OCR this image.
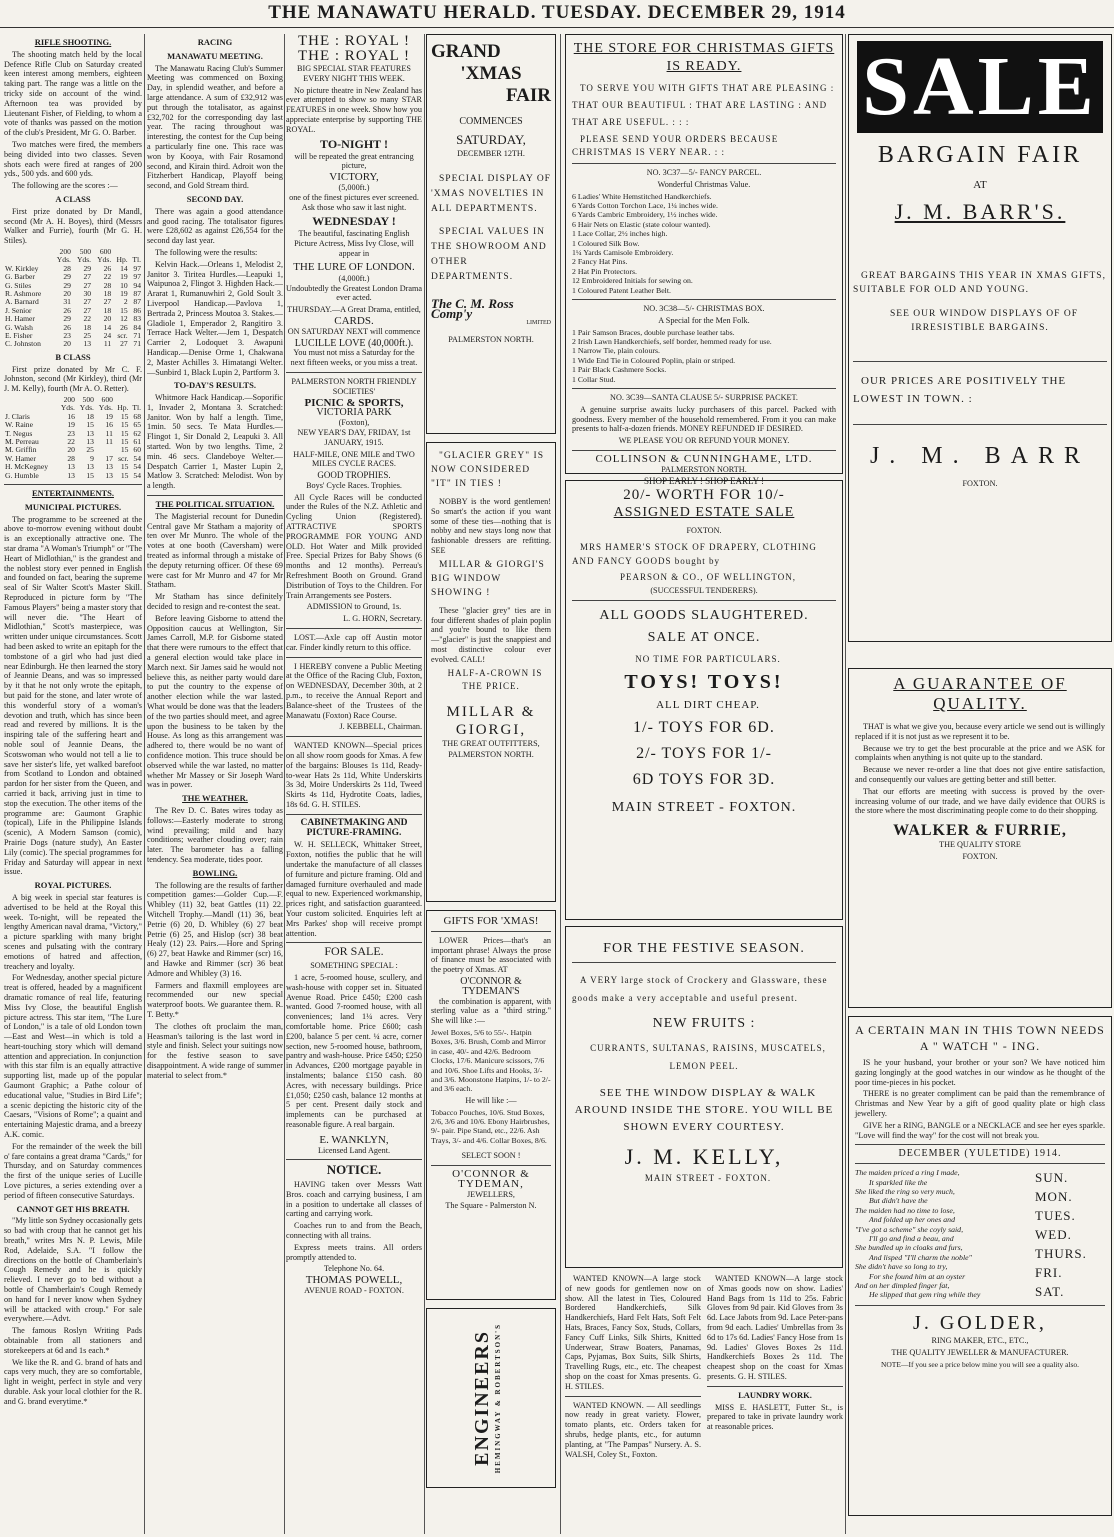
THE MANAWATU HERALD. TUESDAY. DECEMBER 29, 1914
RIFLE SHOOTING.

The shooting match held by the local Defence Rifle Club on Saturday created keen interest among members, eighteen taking part. The range was a little on the tricky side on account of the wind. Afternoon tea was provided by Lieutenant Fisher, of Fielding, to whom a vote of thanks was passed on the motion of the club's President, Mr G. O. Barber.

Two matches were fired, the members being divided into two classes. Seven shots each were fired at ranges of 200 yds., 500 yds. and 600 yds.

The following are the scores :—

A CLASS

First prize donated by Dr Mandl, second (Mr A. H. Boyes), third (Messrs Walker and Furrie), fourth (Mr G. H. Stiles).

	200	500	600		
	Yds.	Yds.	Yds.	Hp.	Tl.
W. Kirkley	28	29	26	14	97
G. Barber	29	27	22	19	97
G. Stiles	29	27	28	10	94
R. Ashmore	20	30	18	19	87
A. Barnard	31	27	27	2	87
J. Senior	26	27	18	15	86
H. Hamer	29	22	20	12	83
G. Walsh	26	18	14	26	84
E. Fisher	23	25	24	scr.	71
C. Johnston	20	13	11	27	71
B CLASS

First prize donated by Mr C. F. Johnston, second (Mr Kirkley), third (Mr J. M. Kelly), fourth (Mr A. O. Retter).

	200	500	600		
	Yds.	Yds.	Yds.	Hp.	Tl.
J. Claris	16	18	19	15	68
W. Raine	19	15	16	15	65
T. Negus	23	13	11	15	62
M. Perreau	22	13	11	15	61
M. Griffin	20	25		15	60
W. Hamer	28	9	17	scr.	54
H. McKegney	13	13	13	15	54
G. Humble	13	15	13	15	54
ENTERTAINMENTS.
MUNICIPAL PICTURES.

The programme to be screened at the above to-morrow evening without doubt is an exceptionally attractive one. The star drama "A Woman's Triumph" or "The Heart of Midlothian," is the grandest and the noblest story ever penned in English and founded on fact, bearing the supreme seal of Sir Walter Scott's Master Skill. Reproduced in picture form by "The Famous Players" being a master story that will never die. "The Heart of Midlothian," Scott's masterpiece, was written under unique circumstances. Scott had been asked to write an epitaph for the tombstone of a girl who had just died near Edinburgh. He then learned the story of Jeannie Deans, and was so impressed by it that he not only wrote the epitaph, but paid for the stone, and later wrote of this wonderful story of a woman's devotion and truth, which has since been read and revered by millions. It is the inspiring tale of the suffering heart and noble soul of Jeannie Deans, the Scotswoman who would not tell a lie to save her sister's life, yet walked barefoot from Scotland to London and obtained pardon for her sister from the Queen, and carried it back, arriving just in time to stop the execution. The other items of the programme are: Gaumont Graphic (topical), Life in the Philippine Islands (scenic), A Modern Samson (comic), Prairie Dogs (nature study), An Easter Lily (comic). The special programmes for Friday and Saturday will appear in next issue.

ROYAL PICTURES.

A big week in special star features is advertised to be held at the Royal this week. To-night, will be repeated the lengthy American naval drama, "Victory," a picture sparkling with many bright scenes and pulsating with the contrary emotions of hatred and affection, treachery and loyalty.

For Wednesday, another special picture treat is offered, headed by a magnificent dramatic romance of real life, featuring Miss Ivy Close, the beautiful English picture actress. This star item, "The Lure of London," is a tale of old London town—East and West—in which is told a heart-touching story which will demand attention and appreciation. In conjunction with this star film is an equally attractive supporting list, made up of the popular Gaumont Graphic; a Pathe colour of educational value, "Studies in Bird Life"; a scenic depicting the historic city of the Caesars, "Visions of Rome"; a quaint and entertaining Majestic drama, and a breezy A.K. comic.

For the remainder of the week the bill o' fare contains a great drama "Cards," for Thursday, and on Saturday commences the first of the unique series of Lucille Love pictures, a series extending over a period of fifteen consecutive Saturdays.

CANNOT GET HIS BREATH.

"My little son Sydney occasionally gets so bad with croup that he cannot get his breath," writes Mrs N. P. Lewis, Mile Rod, Adelaide, S.A. "I follow the directions on the bottle of Chamberlain's Cough Remedy and he is quickly relieved. I never go to bed without a bottle of Chamberlain's Cough Remedy on hand for I never know when Sydney will be attacked with croup." For sale everywhere.—Advt.

The famous Roslyn Writing Pads obtainable from all stationers and storekeepers at 6d and 1s each.*

We like the R. and G. brand of hats and caps very much, they are so comfortable, light in weight, perfect in style and very durable. Ask your local clothier for the R. and G. brand everytime.*

RACING
MANAWATU MEETING.

The Manawatu Racing Club's Summer Meeting was commenced on Boxing Day, in splendid weather, and before a large attendance. A sum of £32,912 was put through the totalisator, as against £32,702 for the corresponding day last year. The racing throughout was interesting, the contest for the Cup being a particularly fine one. This race was won by Kooya, with Fair Rosamond second, and Kirain third. Adroit won the Fitzherbert Handicap, Playoff being second, and Gold Stream third.

SECOND DAY.

There was again a good attendance and good racing. The totalisator figures were £28,602 as against £26,554 for the second day last year.

The following were the results:

Kelvin Hack.—Orleans 1, Melodist 2, Janitor 3. Tiritea Hurdles.—Leapuki 1, Waipunoa 2, Flingot 3. Highden Hack.—Ararat 1, Rumanuwhiri 2, Gold Soult 3. Liverpool Handicap.—Pavlova 1, Bertrada 2, Princess Moutoa 3. Stakes.—Gladiole 1, Emperador 2, Rangitiro 3. Terrace Hack Welter.—Jem 1, Despatch Carrier 2, Lodoquet 3. Awapuni Handicap.—Denise Orme 1, Chakwana 2, Master Achilles 3. Himatangi Welter.—Sunbird 1, Black Lupin 2, Partform 3.

TO-DAY'S RESULTS.

Whitmore Hack Handicap.—Soporific 1, Invader 2, Montana 3. Scratched: Janitor. Won by half a length. Time, 1min. 50 secs. Te Mata Hurdles.—Flingot 1, Sir Donald 2, Leapuki 3. All started. Won by two lengths. Time, 2 min. 46 secs. Clandeboye Welter.—Despatch Carrier 1, Master Lupin 2, Matlow 3. Scratched: Melodist. Won by a length.

THE POLITICAL SITUATION.

The Magisterial recount for Dunedin Central gave Mr Statham a majority of ten over Mr Munro. The whole of the votes at one booth (Caversham) were treated as informal through a mistake of the deputy returning officer. Of these 69 were cast for Mr Munro and 47 for Mr Statham.

Mr Statham has since definitely decided to resign and re-contest the seat.

Before leaving Gisborne to attend the Opposition caucus at Wellington, Sir James Carroll, M.P. for Gisborne stated that there were rumours to the effect that a general election would take place in March next. Sir James said he would not believe this, as neither party would dare to put the country to the expense of another election while the war lasted. What would be done was that the leaders of the two parties should meet, and agree upon the business to be taken by the House. As long as this arrangement was adhered to, there would be no want of confidence motion. This truce should be observed while the war lasted, no matter whether Mr Massey or Sir Joseph Ward was in power.

THE WEATHER.

The Rev D. C. Bates wires today as follows:—Easterly moderate to strong wind prevailing; mild and hazy conditions; weather clouding over; rain later. The barometer has a falling tendency. Sea moderate, tides poor.

BOWLING.

The following are the results of farther competition games:—Golder Cup.—F. Whibley (11) 32, beat Gattles (11) 22. Witchell Trophy.—Mandl (11) 36, beat Petrie (6) 20, D. Whibley (6) 27 beat Petrie (6) 25, and Hislop (scr) 38 beat Healy (12) 23. Pairs.—Hore and Spring (6) 27, beat Hawke and Rimmer (scr) 16, and Hawke and Rimmer (scr) 36 beat Admore and Whibley (3) 16.

Farmers and flaxmill employees are recommended our new special waterproof boots. We guarantee them. R. T. Betty.*

The clothes oft proclaim the man, Heasman's tailoring is the last word in style and finish. Select your suitings now for the festive season to save disappointment. A wide range of summer material to select from.*

THE : ROYAL !
THE : ROYAL !

BIG SPECIAL STAR FEATURES EVERY NIGHT THIS WEEK.

No picture theatre in New Zealand has ever attempted to show so many STAR FEATURES in one week. Show how you appreciate enterprise by supporting THE ROYAL.

TO-NIGHT !

will be repeated the great entrancing picture,

VICTORY,
(5,000ft.)

one of the finest pictures ever screened. Ask those who saw it last night.

WEDNESDAY !

The beautiful, fascinating English Picture Actress, Miss Ivy Close, will appear in

THE LURE OF LONDON.
(4,000ft.)

Undoubtedly the Greatest London Drama ever acted.

THURSDAY.—A Great Drama, entitled,

CARDS.

ON SATURDAY NEXT will commence

LUCILLE LOVE (40,000ft.).

You must not miss a Saturday for the next fifteen weeks, or you miss a treat.

PALMERSTON NORTH FRIENDLY SOCIETIES'

PICNIC & SPORTS,
VICTORIA PARK
(Foxton),

NEW YEAR'S DAY, FRIDAY, 1st JANUARY, 1915.

HALF-MILE, ONE MILE and TWO MILES CYCLE RACES.

GOOD TROPHIES.

Boys' Cycle Races. Trophies.

All Cycle Races will be conducted under the Rules of the N.Z. Athletic and Cycling Union (Registered). ATTRACTIVE SPORTS PROGRAMME FOR YOUNG AND OLD. Hot Water and Milk provided Free. Special Prizes for Baby Shows (6 months and 12 months). Perreau's Refreshment Booth on Ground. Grand Distribution of Toys to the Children. For Train Arrangements see Posters.

ADMISSION to Ground, 1s.

L. G. HORN, Secretary.

LOST.—Axle cap off Austin motor car. Finder kindly return to this office.

I HEREBY convene a Public Meeting at the Office of the Racing Club, Foxton, on WEDNESDAY, December 30th, at 2 p.m., to receive the Annual Report and Balance-sheet of the Trustees of the Manawatu (Foxton) Race Course.

J. KEBBELL, Chairman.

WANTED KNOWN—Special prices on all show room goods for Xmas. A few of the bargains: Blouses 1s 11d, Ready-to-wear Hats 2s 11d, White Underskirts 3s 3d, Moire Underskirts 2s 11d, Tweed Skirts 4s 11d, Hydrotite Coats, ladies, 18s 6d. G. H. STILES.

CABINETMAKING AND PICTURE-FRAMING.

W. H. SELLECK, Whittaker Street, Foxton, notifies the public that he will undertake the manufacture of all classes of furniture and picture framing. Old and damaged furniture overhauled and made equal to new. Experienced workmanship, prices right, and satisfaction guaranteed. Your custom solicited. Enquiries left at Mrs Parkes' shop will receive prompt attention.

FOR SALE.

SOMETHING SPECIAL :

1 acre, 5-roomed house, scullery, and wash-house with copper set in. Situated Avenue Road. Price £450; £200 cash wanted. Good 7-roomed house, with all conveniences; land 1¼ acres. Very comfortable home. Price £600; cash £200, balance 5 per cent. ¼ acre, corner section, new 5-roomed house, bathroom, pantry and wash-house. Price £450; £250 in Advances, £200 mortgage payable in instalments; balance £150 cash. 80 Acres, with necessary buildings. Price £1,050; £250 cash, balance 12 months at 5 per cent. Present daily stock and implements can be purchased at reasonable figure. A real bargain.

E. WANKLYN,

Licensed Land Agent.

NOTICE.

HAVING taken over Messrs Watt Bros. coach and carrying business, I am in a position to undertake all classes of carting and carrying work.

Coaches run to and from the Beach, connecting with all trains.

Express meets trains. All orders promptly attended to.

Telephone No. 64.

THOMAS POWELL,

AVENUE ROAD - FOXTON.

GRAND
'XMAS
FAIR
COMMENCES
SATURDAY,
DECEMBER 12TH.

SPECIAL DISPLAY OF 'XMAS NOVELTIES IN ALL DEPARTMENTS.

SPECIAL VALUES IN THE SHOWROOM AND OTHER DEPARTMENTS.

The C. M. Ross Comp'y
LIMITED
PALMERSTON NORTH.

"GLACIER GREY" IS NOW CONSIDERED "IT" IN TIES !

NOBBY is the word gentlemen! So smart's the action if you want some of these ties—nothing that is nobby and new stays long now that fashionable dressers are refitting. SEE

MILLAR & GIORGI'S BIG WINDOW SHOWING !

These "glacier grey" ties are in four different shades of plain poplin and you're bound to like them—"glacier" is just the snappiest and most distinctive colour ever evolved. CALL!

HALF-A-CROWN IS THE PRICE.

MILLAR & GIORGI,

THE GREAT OUTFITTERS,

PALMERSTON NORTH.

GIFTS FOR 'XMAS!

LOWER Prices—that's an important phrase! Always the prose of finance must be associated with the poetry of Xmas. AT

O'CONNOR & TYDEMAN'S

the combination is apparent, with sterling value as a "third string." She will like :—

Jewel Boxes, 5/6 to 55/-. Hatpin Boxes, 3/6. Brush, Comb and Mirror in case, 40/- and 42/6. Bedroom Clocks, 17/6. Manicure scissors, 7/6 and 10/6. Shoe Lifts and Hooks, 3/- and 3/6. Moonstone Hatpins, 1/- to 2/- and 3/6 each.

He will like :—

Tobacco Pouches, 10/6. Stud Boxes, 2/6, 3/6 and 10/6. Ebony Hairbrushes, 9/- pair. Pipe Stand, etc., 22/6. Ash Trays, 3/- and 4/6. Collar Boxes, 8/6.

SELECT SOON !

O'CONNOR & TYDEMAN,

JEWELLERS,

The Square - Palmerston N.

ENGINEERS HEMINGWAY & ROBERTSON'S
THE STORE FOR CHRISTMAS GIFTS IS READY.

TO SERVE YOU WITH GIFTS THAT ARE PLEASING : THAT OUR BEAUTIFUL : THAT ARE LASTING : AND THAT ARE USEFUL. : : :

PLEASE SEND YOUR ORDERS BECAUSE CHRISTMAS IS VERY NEAR. : :

NO. 3C37—5/- FANCY PARCEL.

Wonderful Christmas Value.

6 Ladies' White Hemstitched Handkerchiefs.
6 Yards Cotton Torchon Lace, 1¼ inches wide.
6 Yards Cambric Embroidery, 1½ inches wide.
6 Hair Nets on Elastic (state colour wanted).
1 Lace Collar, 2½ inches high.
1 Coloured Silk Bow.
1¼ Yards Camisole Embroidery.
2 Fancy Hat Pins.
2 Hat Pin Protectors.
12 Embroidered Initials for sewing on.
1 Coloured Patent Leather Belt.

NO. 3C38—5/- CHRISTMAS BOX.

A Special for the Men Folk.

1 Pair Samson Braces, double purchase leather tabs.
2 Irish Lawn Handkerchiefs, self border, hemmed ready for use.
1 Narrow Tie, plain colours.
1 Wide End Tie in Coloured Poplin, plain or striped.
1 Pair Black Cashmere Socks.
1 Collar Stud.

NO. 3C39—SANTA CLAUSE 5/- SURPRISE PACKET.

A genuine surprise awaits lucky purchasers of this parcel. Packed with goodness. Every member of the household remembered. From it you can make presents to half-a-dozen friends. MONEY REFUNDED IF DESIRED.

WE PLEASE YOU OR REFUND YOUR MONEY.

COLLINSON & CUNNINGHAME, LTD.

PALMERSTON NORTH.

SHOP EARLY ! SHOP EARLY !

20/- WORTH FOR 10/-
ASSIGNED ESTATE SALE

FOXTON.

MRS HAMER'S STOCK OF DRAPERY, CLOTHING AND FANCY GOODS bought by

PEARSON & CO., OF WELLINGTON,

(SUCCESSFUL TENDERERS).

ALL GOODS SLAUGHTERED.
SALE AT ONCE.

NO TIME FOR PARTICULARS.

TOYS! TOYS!

ALL DIRT CHEAP.

1/- TOYS FOR 6D.
2/- TOYS FOR 1/-
6D TOYS FOR 3D.
MAIN STREET - FOXTON.
FOR THE FESTIVE SEASON.

A VERY large stock of Crockery and Glassware, these goods make a very acceptable and useful present.

NEW FRUITS :

CURRANTS, SULTANAS, RAISINS, MUSCATELS, LEMON PEEL.

SEE THE WINDOW DISPLAY & WALK AROUND INSIDE THE STORE. YOU WILL BE SHOWN EVERY COURTESY.

J. M. KELLY,

MAIN STREET - FOXTON.

WANTED KNOWN—A large stock of new goods for gentlemen now on show. All the latest in Ties, Coloured Bordered Handkerchiefs, Silk Handkerchiefs, Hard Felt Hats, Soft Felt Hats, Braces, Fancy Sox, Studs, Collars, Fancy Cuff Links, Silk Shirts, Knitted Underwear, Straw Boaters, Panamas, Caps, Pyjamas, Box Suits, Silk Shirts, Travelling Rugs, etc., etc. The cheapest shop on the coast for Xmas presents. G. H. STILES.

WANTED KNOWN. — All seedlings now ready in great variety. Flower, tomato plants, etc. Orders taken for shrubs, hedge plants, etc., for autumn planting, at "The Pampas" Nursery. A. S. WALSH, Coley St., Foxton.

WANTED KNOWN—A large stock of Xmas goods now on show. Ladies' Hand Bags from 1s 11d to 25s. Fabric Gloves from 9d pair. Kid Gloves from 3s 6d. Lace Jabots from 9d. Lace Peter-pans from 9d each. Ladies' Umbrellas from 3s 6d to 17s 6d. Ladies' Fancy Hose from 1s 9d. Ladies' Gloves Boxes 2s 11d. Handkerchiefs Boxes 2s 11d. The cheapest shop on the coast for Xmas presents. G. H. STILES.

LAUNDRY WORK.

MISS E. HASLETT, Futter St., is prepared to take in private laundry work at reasonable prices.

SALE
BARGAIN FAIR
AT
J. M. BARR'S.

GREAT BARGAINS THIS YEAR IN XMAS GIFTS, SUITABLE FOR OLD AND YOUNG.

SEE OUR WINDOW DISPLAYS OF OF IRRESISTIBLE BARGAINS.

OUR PRICES ARE POSITIVELY THE LOWEST IN TOWN. :

J. M. BARR

FOXTON.

A GUARANTEE OF QUALITY.

THAT is what we give you, because every article we send out is willingly replaced if it is not just as we represent it to be.

Because we try to get the best procurable at the price and we ASK for complaints when anything is not quite up to the standard.

Because we never re-order a line that does not give entire satisfaction, and consequently our values are getting better and still better.

That our efforts are meeting with success is proved by the over-increasing volume of our trade, and we have daily evidence that OURS is the store where the most discriminating people come to do their shopping.

WALKER & FURRIE,

THE QUALITY STORE

FOXTON.

A CERTAIN MAN IN THIS TOWN NEEDS A " WATCH " - ING.

IS he your husband, your brother or your son? We have noticed him gazing longingly at the good watches in our window as he thought of the poor time-pieces in his pocket.

THERE is no greater compliment can be paid than the remembrance of Christmas and New Year by a gift of good quality plate or high class jewellery.

GIVE her a RING, BANGLE or a NECKLACE and see her eyes sparkle. "Love will find the way" for the cost will not break you.

DECEMBER (YULETIDE) 1914.
The maiden priced a ring I made,
It sparkled like the
She liked the ring so very much,
But didn't have the
The maiden had no time to lose,
And folded up her ones and
"I've got a scheme" she coyly said,
I'll go and find a beau, and
She bundled up in cloaks and furs,
And lisped "I'll charm the noble"
She didn't have so long to try,
For she found him at an oyster
And on her dimpled finger fat,
He slipped that gem ring while they
SUN.
MON.
TUES.
WED.
THURS.
FRI.
SAT.
J. GOLDER,

RING MAKER, ETC., ETC.,

THE QUALITY JEWELLER & MANUFACTURER.

NOTE—If you see a price below mine you will see a quality also.
